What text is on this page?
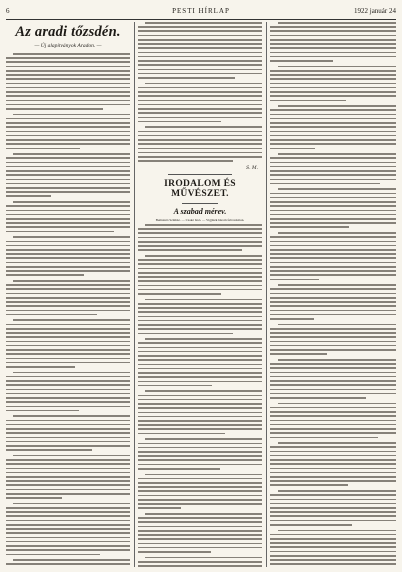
6	PESTI HÍRLAP	1922 január 24
Az aradi tőzsdén.
— Új alapítványok Aradon. —
S. M.
IRODALOM ÉS MŰVÉSZET.
A szabad mérev.
Bemutató Színház. — Czakó Izsó. — Vígjáték három felvonásban.
